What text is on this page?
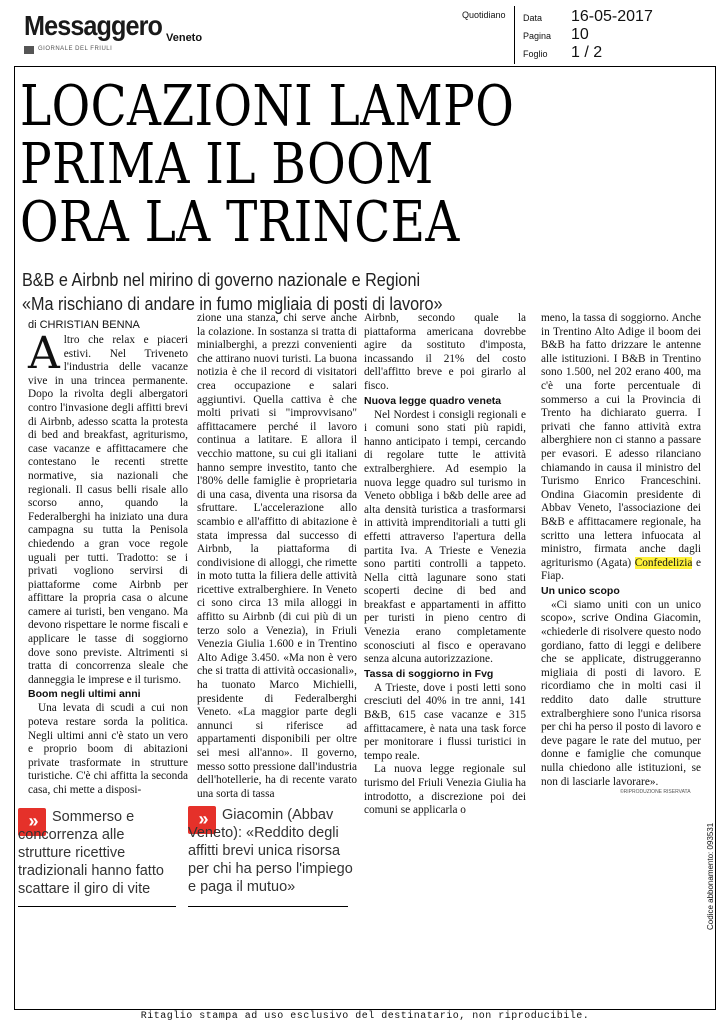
Messaggero Veneto
GIORNALE DEL FRIULI
Quotidiano Data 16-05-2017
Pagina 10
Foglio 1 / 2
LOCAZIONI LAMPO
PRIMA IL BOOM
ORA LA TRINCEA
B&B e Airbnb nel mirino di governo nazionale e Regioni
«Ma rischiano di andare in fumo migliaia di posti di lavoro»
di CHRISTIAN BENNA

Altro che relax e piaceri estivi. Nel Triveneto l'industria delle vacanze vive in una trincea permanente. Dopo la rivolta degli albergatori contro l'invasione degli affitti brevi di Airbnb, adesso scatta la protesta di bed and breakfast, agriturismo, case vacanze e affittacamere che contestano le recenti strette normative, sia nazionali che regionali. Il casus belli risale allo scorso anno, quando la Federalberghi ha iniziato una dura campagna su tutta la Penisola chiedendo a gran voce regole uguali per tutti. Tradotto: se i privati vogliono servirsi di piattaforme come Airbnb per affittare la propria casa o alcune camere ai turisti, ben vengano. Ma devono rispettare le norme fiscali e applicare le tasse di soggiorno dove sono previste. Altrimenti si tratta di concorrenza sleale che danneggia le imprese e il turismo.

Boom negli ultimi anni

Una levata di scudi a cui non poteva restare sorda la politica. Negli ultimi anni c'è stato un vero e proprio boom di abitazioni private trasformate in strutture turistiche. C'è chi affitta la seconda casa, chi mette a disposi-

zione una stanza, chi serve anche la colazione. In sostanza si tratta di minialberghi, a prezzi convenienti che attirano nuovi turisti. La buona notizia è che il record di visitatori crea occupazione e salari aggiuntivi. Quella cattiva è che molti privati si "improvvisano" affittacamere perché il lavoro continua a latitare. E allora il vecchio mattone, su cui gli italiani hanno sempre investito, tanto che l'80% delle famiglie è proprietaria di una casa, diventa una risorsa da sfruttare. L'accelerazione allo scambio e all'affitto di abitazione è stata impressa dal successo di Airbnb, la piattaforma di condivisione di alloggi, che rimette in moto tutta la filiera delle attività ricettive extralberghiere. In Veneto ci sono circa 13 mila alloggi in affitto su Airbnb (di cui più di un terzo solo a Venezia), in Friuli Venezia Giulia 1.600 e in Trentino Alto Adige 3.450. «Ma non è vero che si tratta di attività occasionali», ha tuonato Marco Michielli, presidente di Federalberghi Veneto. «La maggior parte degli annunci si riferisce ad appartamenti disponibili per oltre sei mesi all'anno». Il governo, messo sotto pressione dall'industria dell'hotellerie, ha di recente varato una sorta di tassa

Airbnb, secondo quale la piattaforma americana dovrebbe agire da sostituto d'imposta, incassando il 21% del costo dell'affitto breve e poi girarlo al fisco.

Nuova legge quadro veneta

Nel Nordest i consigli regionali e i comuni sono stati più rapidi, hanno anticipato i tempi, cercando di regolare tutte le attività extralberghiere. Ad esempio la nuova legge quadro sul turismo in Veneto obbliga i b&b delle aree ad alta densità turistica a trasformarsi in attività imprenditoriali a tutti gli effetti attraverso l'apertura della partita Iva. A Trieste e Venezia sono partiti controlli a tappeto. Nella città lagunare sono stati scoperti decine di bed and breakfast e appartamenti in affitto per turisti in pieno centro di Venezia erano completamente sconosciuti al fisco e operavano senza alcuna autorizzazione.

Tassa di soggiorno in Fvg

A Trieste, dove i posti letti sono cresciuti del 40% in tre anni, 141 B&B, 615 case vacanze e 315 affittacamere, è nata una task force per monitorare i flussi turistici in tempo reale.

La nuova legge regionale sul turismo del Friuli Venezia Giulia ha introdotto, a discrezione poi dei comuni se applicarla o

meno, la tassa di soggiorno. Anche in Trentino Alto Adige il boom dei B&B ha fatto drizzare le antenne alle istituzioni. I B&B in Trentino sono 1.500, nel 202 erano 400, ma c'è una forte percentuale di sommerso a cui la Provincia di Trento ha dichiarato guerra. I privati che fanno attività extra alberghiere non ci stanno a passare per evasori. E adesso rilanciano chiamando in causa il ministro del Turismo Enrico Franceschini. Ondina Giacomin presidente di Abbav Veneto, l'associazione dei B&B e affittacamere regionale, ha scritto una lettera infuocata al ministro, firmata anche dagli agriturismo (Agata) Confedelizia e Fiap.

Un unico scopo

«Ci siamo uniti con un unico scopo», scrive Ondina Giacomin, «chiederle di risolvere questo nodo gordiano, fatto di leggi e delibere che se applicate, distruggeranno migliaia di posti di lavoro. E ricordiamo che in molti casi il reddito dato dalle strutture extralberghiere sono l'unica risorsa per chi ha perso il posto di lavoro e deve pagare le rate del mutuo, per donne e famiglie che comunque nulla chiedono alle istituzioni, se non di lasciarle lavorare».

©RIPRODUZIONE RISERVATA
»	Sommerso e concorrenza alle strutture ricettive tradizionali hanno fatto scattare il giro di vite
»	Giacomin (Abbav Veneto): «Reddito degli affitti brevi unica risorsa per chi ha perso l'impiego e paga il mutuo»	Codice abbonamento: 093531
Ritaglio stampa ad uso esclusivo del destinatario, non riproducibile.
